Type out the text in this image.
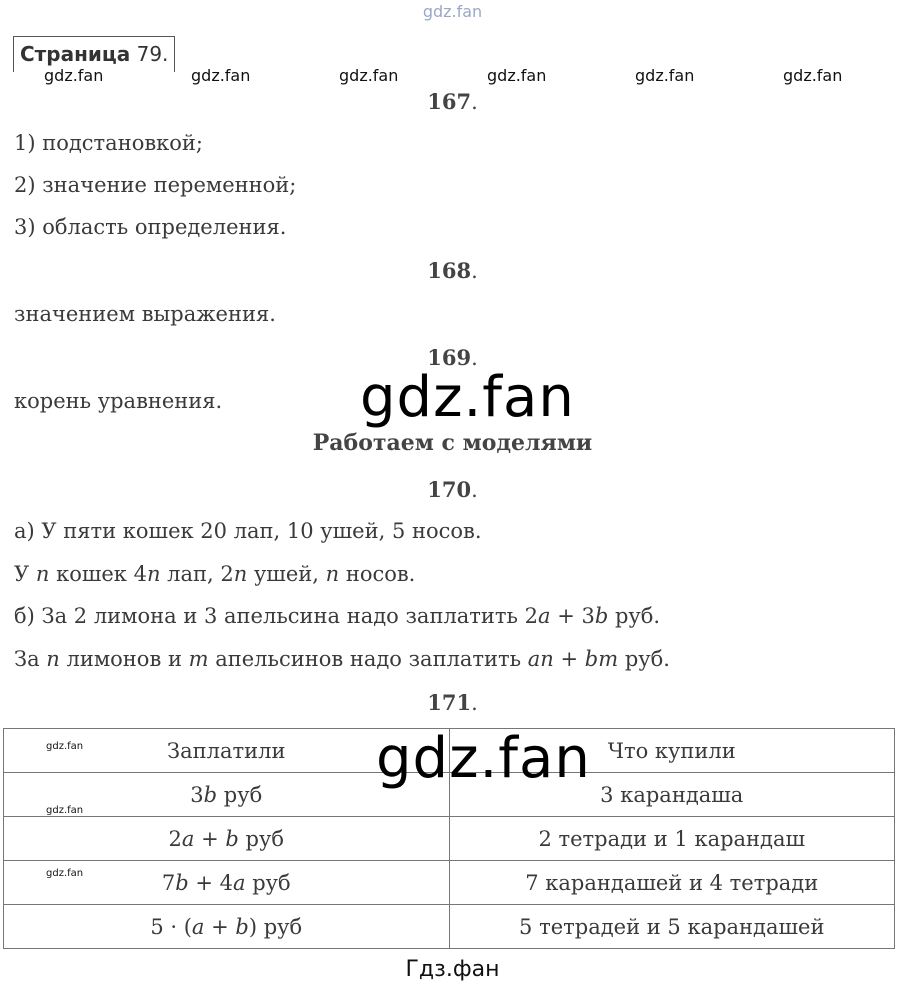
gdz.fan
Страница 79.
gdz.fan	gdz.fan	gdz.fan	gdz.fan	gdz.fan	gdz.fan
167.
1) подстановкой;
2) значение переменной;
3) область определения.
168.
значением выражения.
169.
корень уравнения. gdz.fan
Работаем с моделями
170.
а) У пяти кошек 20 лап, 10 ушей, 5 носов.
У n кошек 4n лап, 2n ушей, n носов.
б) За 2 лимона и 3 апельсина надо заплатить 2a + 3b руб.
За n лимонов и m апельсинов надо заплатить an + bm руб.
171.
gdz.fan Заплатили	Что купили
3b руб	3 карандаша

gdz.fan
2a + b руб	2 тетради и 1 карандаш

gdz.fan 7b + 4a руб	7 карандашей и 4 тетради
5 · (a + b) руб	5 тетрадей и 5 карандашей
gdz.fan
Гдз.фан
